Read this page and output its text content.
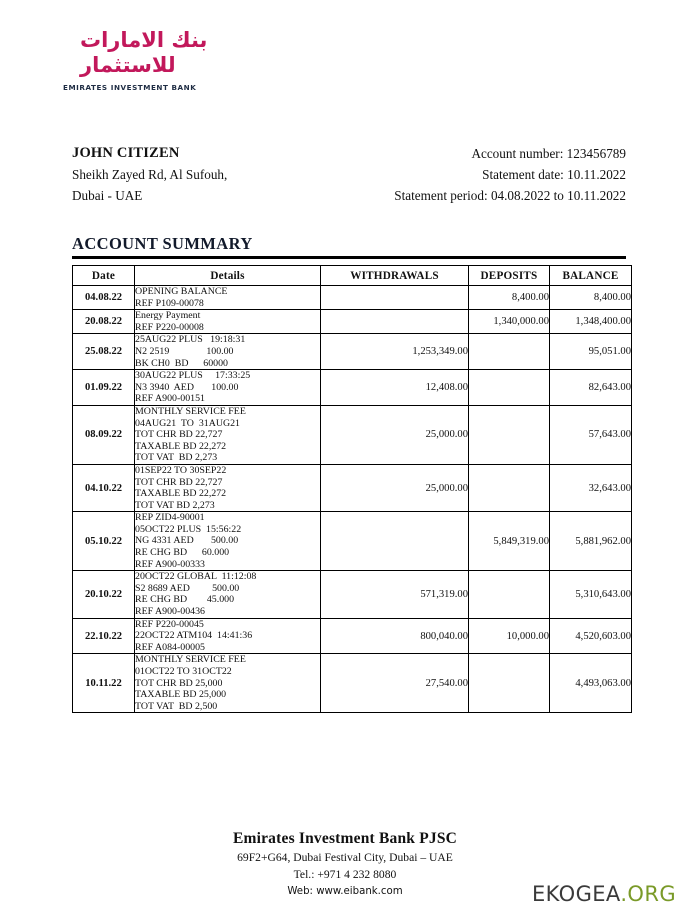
بنك الامارات
للاستثمار
EMIRATES INVESTMENT BANK
JOHN CITIZEN
Sheikh Zayed Rd, Al Sufouh,
Dubai - UAE
Account number: 123456789
Statement date: 10.11.2022
Statement period: 04.08.2022 to 10.11.2022
ACCOUNT SUMMARY
Date	Details	WITHDRAWALS	DEPOSITS	BALANCE
04.08.22	OPENING BALANCE
REF P109-00078		8,400.00	8,400.00
20.08.22	Energy Payment
REF P220-00008		1,340,000.00	1,348,400.00
25.08.22	25AUG22 PLUS   19:18:31
N2 2519               100.00
BK CH0  BD      60000	1,253,349.00		95,051.00
01.09.22	30AUG22 PLUS     17:33:25
N3 3940  AED       100.00
REF A900-00151	12,408.00		82,643.00
08.09.22	MONTHLY SERVICE FEE
04AUG21  TO  31AUG21
TOT CHR BD 22,727
TAXABLE BD 22,272
TOT VAT  BD 2,273	25,000.00		57,643.00
04.10.22	01SEP22 TO 30SEP22
TOT CHR BD 22,727
TAXABLE BD 22,272
TOT VAT BD 2,273	25,000.00		32,643.00
05.10.22	REP ZID4-90001
05OCT22 PLUS  15:56:22
NG 4331 AED       500.00
RE CHG BD      60.000
REF A900-00333		5,849,319.00	5,881,962.00
20.10.22	20OCT22 GLOBAL  11:12:08
S2 8689 AED         500.00
RE CHG BD        45.000
REF A900-00436	571,319.00		5,310,643.00
22.10.22	REF P220-00045
22OCT22 ATM104  14:41:36
REF A084-00005	800,040.00	10,000.00	4,520,603.00
10.11.22	MONTHLY SERVICE FEE
01OCT22 TO 31OCT22
TOT CHR BD 25,000
TAXABLE BD 25,000
TOT VAT  BD 2,500	27,540.00		4,493,063.00
Emirates Investment Bank PJSC
69F2+G64, Dubai Festival City, Dubai – UAE
Tel.: +971 4 232 8080
Web: www.eibank.com	EKOGEA.ORG
